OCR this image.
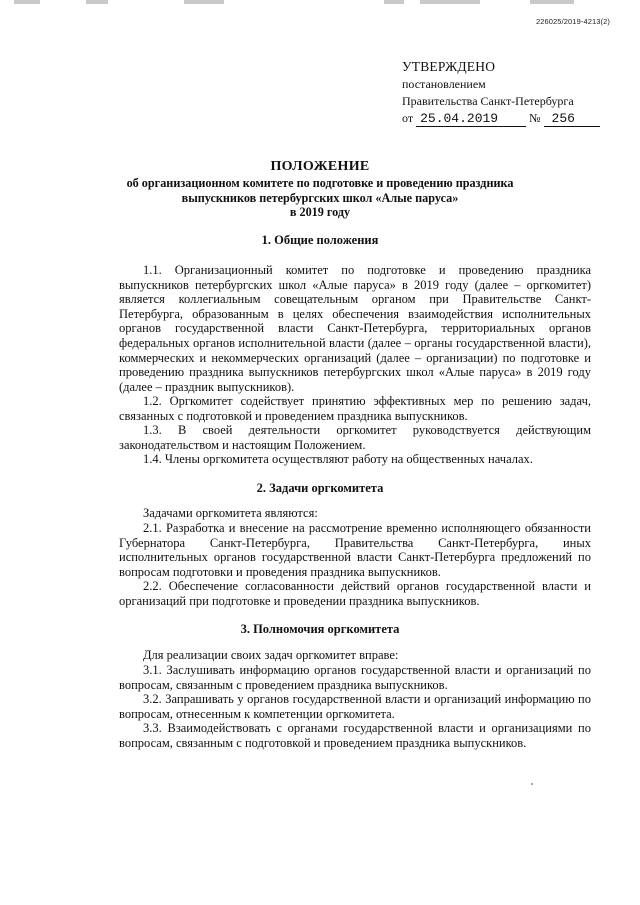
226025/2019-4213(2)
УТВЕРЖДЕНО
постановлением
Правительства Санкт-Петербурга
от 25.04.2019	№ 256
ПОЛОЖЕНИЕ
об организационном комитете по подготовке и проведению праздника
выпускников петербургских школ «Алые паруса»
в 2019 году
1. Общие положения
1.1. Организационный комитет по подготовке и проведению праздника выпускников петербургских школ «Алые паруса» в 2019 году (далее – оргкомитет) является коллегиальным совещательным органом при Правительстве Санкт-Петербурга, образованным в целях обеспечения взаимодействия исполнительных органов государственной власти Санкт-Петербурга, территориальных органов федеральных органов исполнительной власти (далее – органы государственной власти), коммерческих и некоммерческих организаций (далее – организации) по подготовке и проведению праздника выпускников петербургских школ «Алые паруса» в 2019 году (далее – праздник выпускников).
1.2. Оргкомитет содействует принятию эффективных мер по решению задач, связанных с подготовкой и проведением праздника выпускников.
1.3. В своей деятельности оргкомитет руководствуется действующим законодательством и настоящим Положением.
1.4. Члены оргкомитета осуществляют работу на общественных началах.
2. Задачи оргкомитета
Задачами оргкомитета являются:
2.1. Разработка и внесение на рассмотрение временно исполняющего обязанности Губернатора Санкт-Петербурга, Правительства Санкт-Петербурга, иных исполнительных органов государственной власти Санкт-Петербурга предложений по вопросам подготовки и проведения праздника выпускников.
2.2. Обеспечение согласованности действий органов государственной власти и организаций при подготовке и проведении праздника выпускников.
3. Полномочия оргкомитета
Для реализации своих задач оргкомитет вправе:
3.1. Заслушивать информацию органов государственной власти и организаций по вопросам, связанным с проведением праздника выпускников.
3.2. Запрашивать у органов государственной власти и организаций информацию по вопросам, отнесенным к компетенции оргкомитета.
3.3. Взаимодействовать с органами государственной власти и организациями по вопросам, связанным с подготовкой и проведением праздника выпускников.
